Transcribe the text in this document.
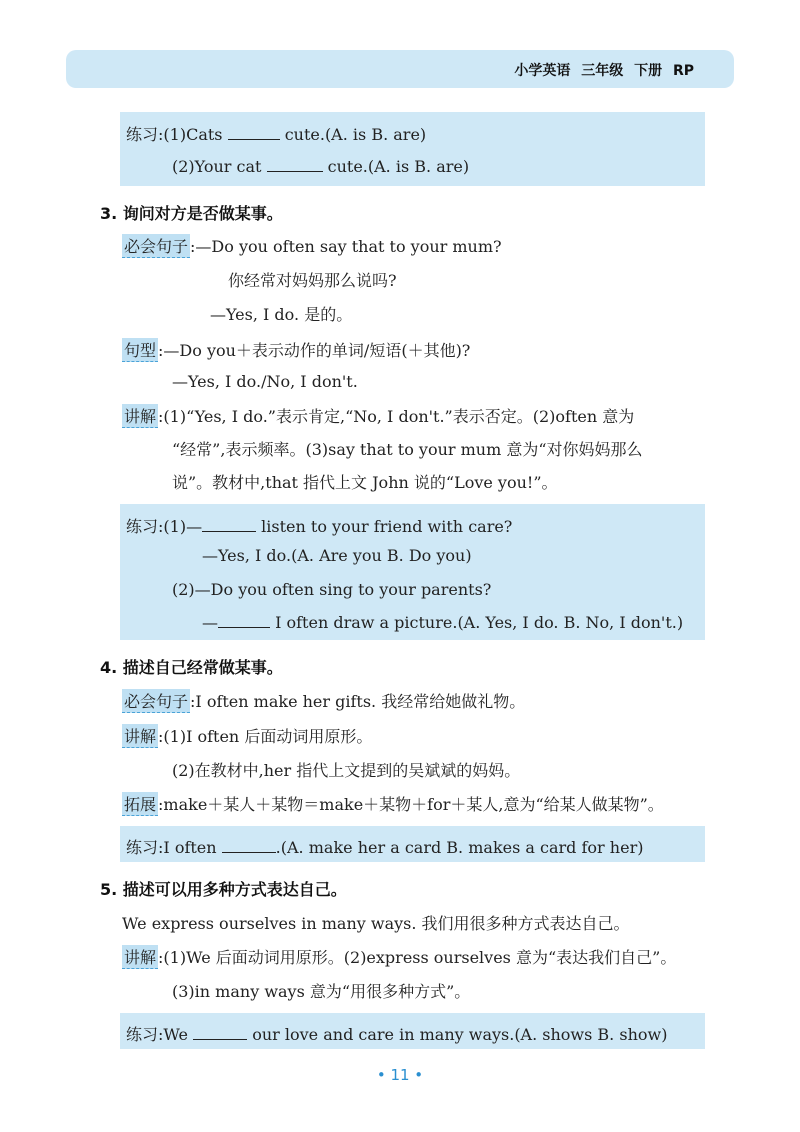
小学英语 三年级 下册 RP
练习:(1)Cats	cute.(A. is B. are)
(2)Your cat	cute.(A. is B. are)
3. 询问对方是否做某事。
必会句子 :—Do you often say that to your mum?
你经常对妈妈那么说吗?
—Yes, I do. 是的。
句型 :—Do you＋表示动作的单词/短语(＋其他)?
—Yes, I do./No, I don't.
讲解 :(1)“Yes, I do.”表示肯定,“No, I don't.”表示否定。(2)often 意为
“经常”,表示频率。(3)say that to your mum 意为“对你妈妈那么
说”。教材中,that 指代上文 John 说的“Love you!”。
练习:(1)—	listen to your friend with care?
—Yes, I do.(A. Are you B. Do you)
(2)—Do you often sing to your parents?
—	I often draw a picture.(A. Yes, I do. B. No, I don't.)
4. 描述自己经常做某事。
必会句子 :I often make her gifts. 我经常给她做礼物。
讲解 :(1)I often 后面动词用原形。
(2)在教材中,her 指代上文提到的吴斌斌的妈妈。
拓展 :make＋某人＋某物＝make＋某物＋for＋某人,意为“给某人做某物”。
练习:I often	.(A. make her a card B. makes a card for her)
5. 描述可以用多种方式表达自己。
We express ourselves in many ways. 我们用很多种方式表达自己。
讲解 :(1)We 后面动词用原形。(2)express ourselves 意为“表达我们自己”。
(3)in many ways 意为“用很多种方式”。
练习:We	our love and care in many ways.(A. shows B. show)
• 11 •
